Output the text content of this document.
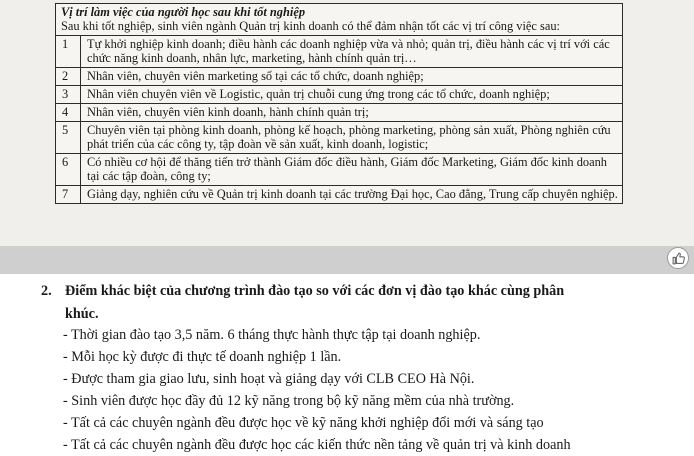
Vị trí làm việc của người học sau khi tốt nghiệp
Sau khi tốt nghiệp, sinh viên ngành Quản trị kinh doanh có thể đảm nhận tốt các vị trí công việc sau:	

1	Tự khởi nghiệp kinh doanh; điều hành các doanh nghiệp vừa và nhỏ; quản trị, điều hành các vị trí với các chức năng kinh doanh, nhân lực, marketing, hành chính quản trị…
2	Nhân viên, chuyên viên marketing số tại các tổ chức, doanh nghiệp;
3	Nhân viên chuyên viên về Logistic, quản trị chuỗi cung ứng trong các tổ chức, doanh nghiệp;
4	Nhân viên, chuyên viên kinh doanh, hành chính quản trị;
5	Chuyên viên tại phòng kinh doanh, phòng kế hoạch, phòng marketing, phòng sản xuất, Phòng nghiên cứu phát triển của các công ty, tập đoàn về sản xuất, kinh doanh, logistic;
6	Có nhiều cơ hội để thăng tiến trở thành Giám đốc điều hành, Giám đốc Marketing, Giám đốc kinh doanh tại các tập đoàn, công ty;
7	Giảng dạy, nghiên cứu về Quản trị kinh doanh tại các trường Đại học, Cao đẳng, Trung cấp chuyên nghiệp.
2. Điểm khác biệt của chương trình đào tạo so với các đơn vị đào tạo khác cùng phân
khúc.
- Thời gian đào tạo 3,5 năm. 6 tháng thực hành thực tập tại doanh nghiệp.
- Mỗi học kỳ được đi thực tế doanh nghiệp 1 lần.
- Được tham gia giao lưu, sinh hoạt và giảng dạy với CLB CEO Hà Nội.
- Sinh viên được học đầy đủ 12 kỹ năng trong bộ kỹ năng mềm của nhà trường.
- Tất cả các chuyên ngành đều được học về kỹ năng khởi nghiệp đổi mới và sáng tạo
- Tất cả các chuyên ngành đều được học các kiến thức nền tảng về quản trị và kinh doanh
